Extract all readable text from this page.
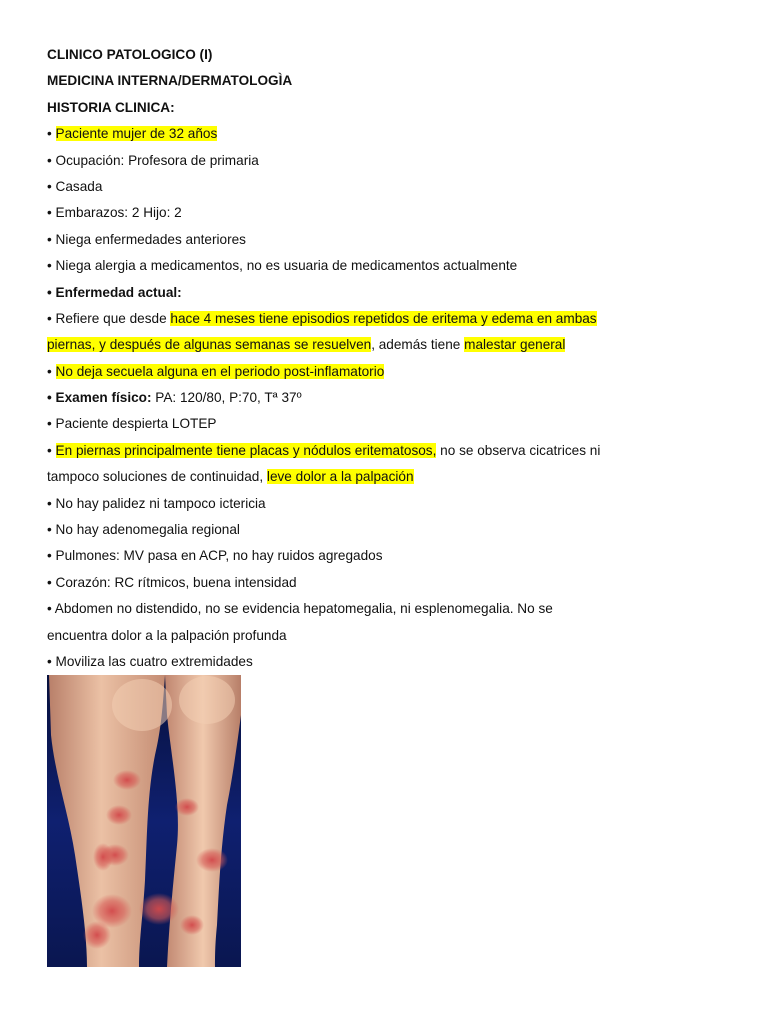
CLINICO PATOLOGICO (I)
MEDICINA INTERNA/DERMATOLOGÌA
HISTORIA CLINICA:
• Paciente mujer de 32 años
• Ocupación: Profesora de primaria
• Casada
• Embarazos: 2 Hijo: 2
• Niega enfermedades anteriores
• Niega alergia a medicamentos, no es usuaria de medicamentos actualmente
• Enfermedad actual:
• Refiere que desde hace 4 meses tiene episodios repetidos de eritema y edema en ambas
piernas, y después de algunas semanas se resuelven, además tiene malestar general
• No deja secuela alguna en el periodo post-inflamatorio
• Examen físico: PA: 120/80, P:70, Tª 37º
• Paciente despierta LOTEP
• En piernas principalmente tiene placas y nódulos eritematosos, no se observa cicatrices ni
tampoco soluciones de continuidad, leve dolor a la palpación
• No hay palidez ni tampoco ictericia
• No hay adenomegalia regional
• Pulmones: MV pasa en ACP, no hay ruidos agregados
• Corazón: RC rítmicos, buena intensidad
• Abdomen no distendido, no se evidencia hepatomegalia, ni esplenomegalia. No se
encuentra dolor a la palpación profunda
• Moviliza las cuatro extremidades
